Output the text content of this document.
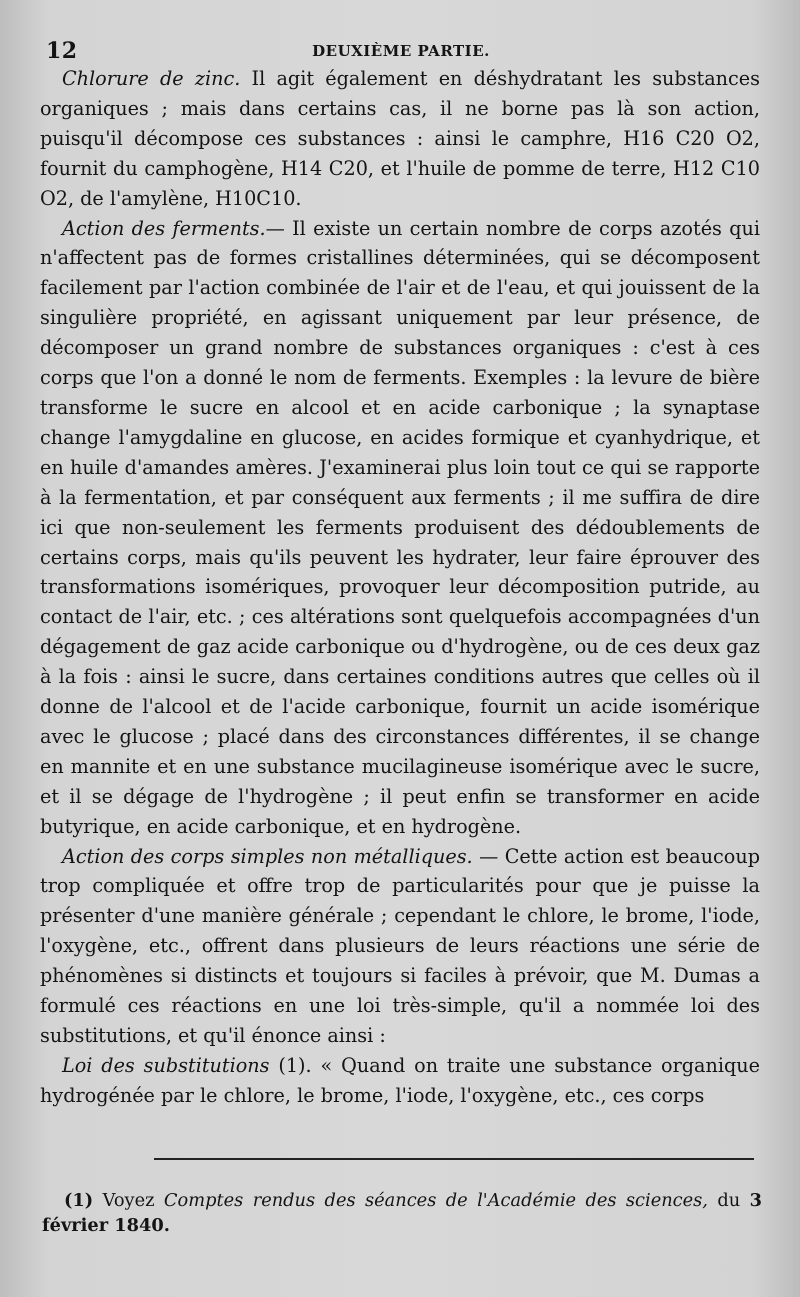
12	DEUXIÈME PARTIE.

Chlorure de zinc. Il agit également en déshydratant les substances organiques ; mais dans certains cas, il ne borne pas là son action, puisqu'il décompose ces substances : ainsi le camphre, H16 C20 O2, fournit du camphogène, H14 C20, et l'huile de pomme de terre, H12 C10 O2, de l'amylène, H10C10.

Action des ferments.— Il existe un certain nombre de corps azotés qui n'affectent pas de formes cristallines déterminées, qui se décomposent facilement par l'action combinée de l'air et de l'eau, et qui jouissent de la singulière propriété, en agissant uniquement par leur présence, de décomposer un grand nombre de substances organiques : c'est à ces corps que l'on a donné le nom de ferments. Exemples : la levure de bière transforme le sucre en alcool et en acide carbonique ; la synaptase change l'amygdaline en glucose, en acides formique et cyanhydrique, et en huile d'amandes amères. J'examinerai plus loin tout ce qui se rapporte à la fermentation, et par conséquent aux ferments ; il me suffira de dire ici que non-seulement les ferments produisent des dédoublements de certains corps, mais qu'ils peuvent les hydrater, leur faire éprouver des transformations isomériques, provoquer leur décomposition putride, au contact de l'air, etc. ; ces altérations sont quelquefois accompagnées d'un dégagement de gaz acide carbonique ou d'hydrogène, ou de ces deux gaz à la fois : ainsi le sucre, dans certaines conditions autres que celles où il donne de l'alcool et de l'acide carbonique, fournit un acide isomérique avec le glucose ; placé dans des circonstances différentes, il se change en mannite et en une substance mucilagineuse isomérique avec le sucre, et il se dégage de l'hydrogène ; il peut enfin se transformer en acide butyrique, en acide carbonique, et en hydrogène.

Action des corps simples non métalliques. — Cette action est beaucoup trop compliquée et offre trop de particularités pour que je puisse la présenter d'une manière générale ; cependant le chlore, le brome, l'iode, l'oxygène, etc., offrent dans plusieurs de leurs réactions une série de phénomènes si distincts et toujours si faciles à prévoir, que M. Dumas a formulé ces réactions en une loi très-simple, qu'il a nommée loi des substitutions, et qu'il énonce ainsi :

Loi des substitutions (1). « Quand on traite une substance organique hydrogénée par le chlore, le brome, l'iode, l'oxygène, etc., ces corps

(1) Voyez Comptes rendus des séances de l'Académie des sciences, du 3 février 1840.
